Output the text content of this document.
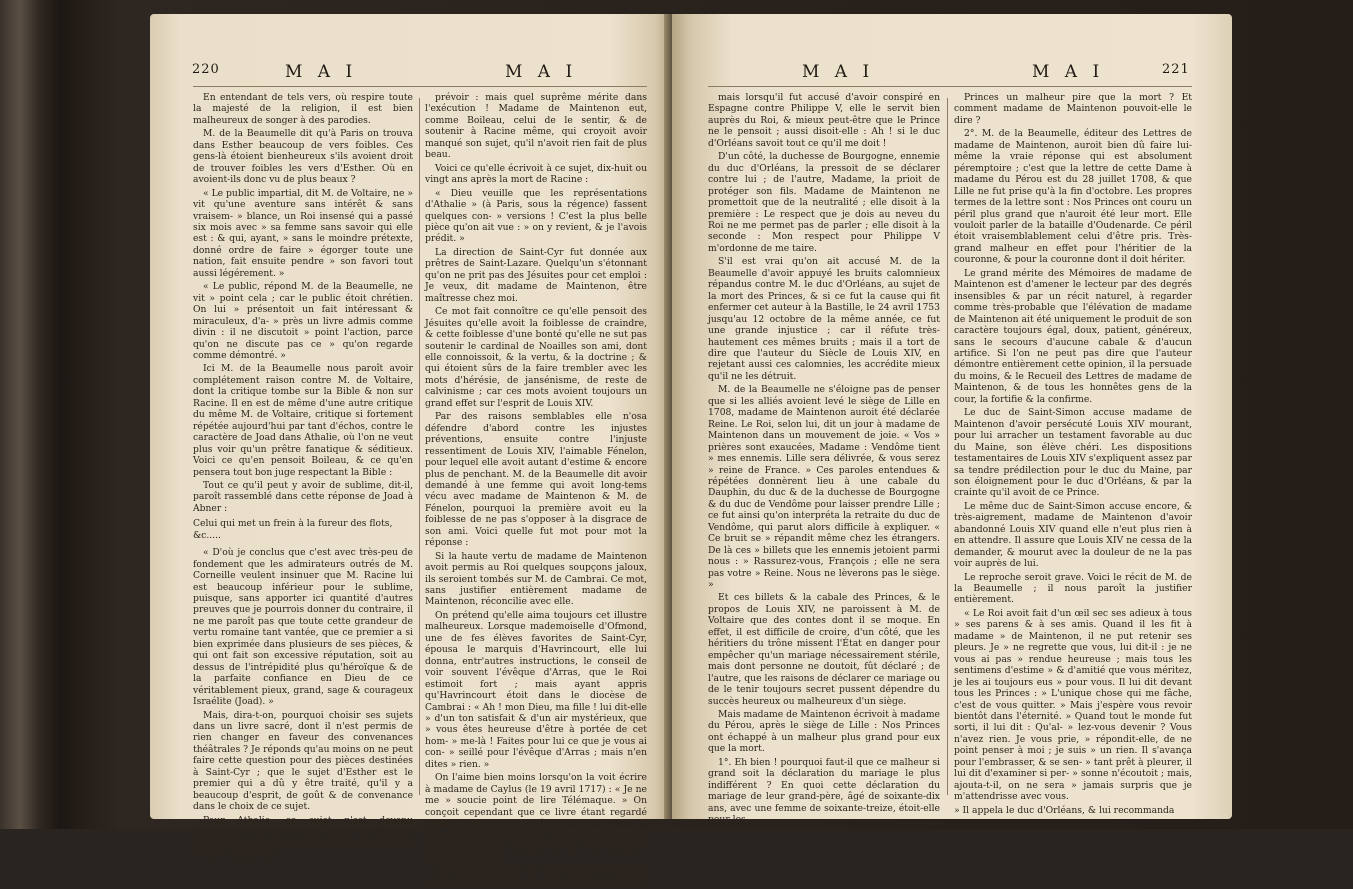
220	M A I	M A I

En entendant de tels vers, où respire toute la majesté de la religion, il est bien malheureux de songer à des parodies.

M. de la Beaumelle dit qu'à Paris on trouva dans Esther beaucoup de vers foibles. Ces gens-là étoient bienheureux s'ils avoient droit de trouver foibles les vers d'Esther. Où en avoient-ils donc vu de plus beaux ?

« Le public impartial, dit M. de Voltaire, ne » vit qu'une aventure sans intérêt & sans vraisem- » blance, un Roi insensé qui a passé six mois avec » sa femme sans savoir qui elle est : & qui, ayant, » sans le moindre prétexte, donné ordre de faire » égorger toute une nation, fait ensuite pendre » son favori tout aussi légérement. »

« Le public, répond M. de la Beaumelle, ne vit » point cela ; car le public étoit chrétien. On lui » présentoit un fait intéressant & miraculeux, d'a- » près un livre admis comme divin : il ne discutoit » point l'action, parce qu'on ne discute pas ce » qu'on regarde comme démontré. »

Ici M. de la Beaumelle nous paroît avoir complétement raison contre M. de Voltaire, dont la critique tombe sur la Bible & non sur Racine. Il en est de même d'une autre critique du même M. de Voltaire, critique si fortement répétée aujourd'hui par tant d'échos, contre le caractère de Joad dans Athalie, où l'on ne veut plus voir qu'un prêtre fanatique & séditieux. Voici ce qu'en pensoit Boileau, & ce qu'en pensera tout bon juge respectant la Bible :

Tout ce qu'il peut y avoir de sublime, dit-il, paroît rassemblé dans cette réponse de Joad à Abner :

Celui qui met un frein à la fureur des flots, &c.....

« D'où je conclus que c'est avec très-peu de fondement que les admirateurs outrés de M. Corneille veulent insinuer que M. Racine lui est beaucoup inférieur pour le sublime, puisque, sans apporter ici quantité d'autres preuves que je pourrois donner du contraire, il ne me paroît pas que toute cette grandeur de vertu romaine tant vantée, que ce premier a si bien exprimée dans plusieurs de ses pièces, & qui ont fait son excessive réputation, soit au dessus de l'intrépidité plus qu'héroïque & de la parfaite confiance en Dieu de ce véritablement pieux, grand, sage & courageux Israélite (Joad). »

Mais, dira-t-on, pourquoi choisir ses sujets dans un livre sacré, dont il n'est permis de rien changer en faveur des convenances théâtrales ? Je réponds qu'au moins on ne peut faire cette question pour des pièces destinées à Saint-Cyr ; que le sujet d'Esther est le premier qui a dû y être traité, qu'il y a beaucoup d'esprit, de goût & de convenance dans le choix de ce sujet.

Pour Athalie, ce sujet n'est devenu allégorique qu'après coup, sous la régence, par des conjonctures que Racine n'a pas pu avoir le mérite de

prévoir : mais quel suprême mérite dans l'exécution ! Madame de Maintenon eut, comme Boileau, celui de le sentir, & de soutenir à Racine même, qui croyoit avoir manqué son sujet, qu'il n'avoit rien fait de plus beau.

Voici ce qu'elle écrivoit à ce sujet, dix-huit ou vingt ans après la mort de Racine :

« Dieu veuille que les représentations d'Athalie » (à Paris, sous la régence) fassent quelques con- » versions ! C'est la plus belle pièce qu'on ait vue : » on y revient, & je l'avois prédit. »

La direction de Saint-Cyr fut donnée aux prêtres de Saint-Lazare. Quelqu'un s'étonnant qu'on ne prit pas des Jésuites pour cet emploi : Je veux, dit madame de Maintenon, être maîtresse chez moi.

Ce mot fait connoître ce qu'elle pensoit des Jésuites qu'elle avoit la foiblesse de craindre, & cette foiblesse d'une bonté qu'elle ne sut pas soutenir le cardinal de Noailles son ami, dont elle connoissoit, & la vertu, & la doctrine ; & qui étoient sûrs de la faire trembler avec les mots d'hérésie, de jansénisme, de reste de calvinisme ; car ces mots avoient toujours un grand effet sur l'esprit de Louis XIV.

Par des raisons semblables elle n'osa défendre d'abord contre les injustes préventions, ensuite contre l'injuste ressentiment de Louis XIV, l'aimable Fénelon, pour lequel elle avoit autant d'estime & encore plus de penchant. M. de la Beaumelle dit avoir demandé à une femme qui avoit long-tems vécu avec madame de Maintenon & M. de Fénelon, pourquoi la première avoit eu la foiblesse de ne pas s'opposer à la disgrace de son ami. Voici quelle fut mot pour mot la réponse :

Si la haute vertu de madame de Maintenon avoit permis au Roi quelques soupçons jaloux, ils seroient tombés sur M. de Cambrai. Ce mot, sans justifier entièrement madame de Maintenon, réconcilie avec elle.

On prétend qu'elle aima toujours cet illustre malheureux. Lorsque mademoiselle d'Ofmond, une de fes élèves favorites de Saint-Cyr, épousa le marquis d'Havrincourt, elle lui donna, entr'autres instructions, le conseil de voir souvent l'évêque d'Arras, que le Roi estimoit fort ; mais ayant appris qu'Havrincourt étoit dans le diocèse de Cambrai : « Ah ! mon Dieu, ma fille ! lui dit-elle » d'un ton satisfait & d'un air mystérieux, que » vous êtes heureuse d'être à portée de cet hom- » me-là ! Faites pour lui ce que je vous ai con- » seillé pour l'évêque d'Arras ; mais n'en dites » rien. »

On l'aime bien moins lorsqu'on la voit écrire à madame de Caylus (le 19 avril 1717) : « Je ne me » soucie point de lire Télémaque. » On conçoit cependant que ce livre étant regardé comme la critique du règne de Louis XIV, le refus qu'elle faisoit de le lire pouvoit être un hommage qu'elle croyoit devoir à la mémoire de ce grand Roi.

Le Roi & madame de Maintenon n'aimoient point le duc d'Orléans, à cause de ses mœurs ;

M A I	M A I	221

mais lorsqu'il fut accusé d'avoir conspiré en Espagne contre Philippe V, elle le servit bien auprès du Roi, & mieux peut-être que le Prince ne le pensoit ; aussi disoit-elle : Ah ! si le duc d'Orléans savoit tout ce qu'il me doit !

D'un côté, la duchesse de Bourgogne, ennemie du duc d'Orléans, la pressoit de se déclarer contre lui ; de l'autre, Madame, la prioit de protéger son fils. Madame de Maintenon ne promettoit que de la neutralité ; elle disoit à la première : Le respect que je dois au neveu du Roi ne me permet pas de parler ; elle disoit à la seconde : Mon respect pour Philippe V m'ordonne de me taire.

S'il est vrai qu'on ait accusé M. de la Beaumelle d'avoir appuyé les bruits calomnieux répandus contre M. le duc d'Orléans, au sujet de la mort des Princes, & si ce fut la cause qui fit enfermer cet auteur à la Bastille, le 24 avril 1753 jusqu'au 12 octobre de la même année, ce fut une grande injustice ; car il réfute très-hautement ces mêmes bruits ; mais il a tort de dire que l'auteur du Siècle de Louis XIV, en rejetant aussi ces calomnies, les accrédite mieux qu'il ne les détruit.

M. de la Beaumelle ne s'éloigne pas de penser que si les alliés avoient levé le siège de Lille en 1708, madame de Maintenon auroit été déclarée Reine. Le Roi, selon lui, dit un jour à madame de Maintenon dans un mouvement de joie. « Vos » prières sont exaucées, Madame : Vendôme tient » mes ennemis. Lille sera délivrée, & vous serez » reine de France. » Ces paroles entendues & répétées donnèrent lieu à une cabale du Dauphin, du duc & de la duchesse de Bourgogne & du duc de Vendôme pour laisser prendre Lille ; ce fut ainsi qu'on interpréta la retraite du duc de Vendôme, qui parut alors difficile à expliquer. « Ce bruit se » répandit même chez les étrangers. De là ces » billets que les ennemis jetoient parmi nous : » Rassurez-vous, François ; elle ne sera pas votre » Reine. Nous ne lèverons pas le siège. »

Et ces billets & la cabale des Princes, & le propos de Louis XIV, ne paroissent à M. de Voltaire que des contes dont il se moque. En effet, il est difficile de croire, d'un côté, que les héritiers du trône missent l'État en danger pour empêcher qu'un mariage nécessairement stérile, mais dont personne ne doutoit, fût déclaré ; de l'autre, que les raisons de déclarer ce mariage ou de le tenir toujours secret pussent dépendre du succès heureux ou malheureux d'un siège.

Mais madame de Maintenon écrivoit à madame du Pérou, après le siège de Lille : Nos Princes ont échappé à un malheur plus grand pour eux que la mort.

1°. Eh bien ! pourquoi faut-il que ce malheur si grand soit la déclaration du mariage le plus indifférent ? En quoi cette déclaration du mariage de leur grand-père, âgé de soixante-dix ans, avec une femme de soixante-treize, étoit-elle pour les

Princes un malheur pire que la mort ? Et comment madame de Maintenon pouvoit-elle le dire ?

2°. M. de la Beaumelle, éditeur des Lettres de madame de Maintenon, auroit bien dû faire lui-même la vraie réponse qui est absolument péremptoire ; c'est que la lettre de cette Dame à madame du Pérou est du 28 juillet 1708, & que Lille ne fut prise qu'à la fin d'octobre. Les propres termes de la lettre sont : Nos Princes ont couru un péril plus grand que n'auroit été leur mort. Elle vouloit parler de la bataille d'Oudenarde. Ce péril étoit vraisemblablement celui d'être pris. Très-grand malheur en effet pour l'héritier de la couronne, & pour la couronne dont il doit hériter.

Le grand mérite des Mémoires de madame de Maintenon est d'amener le lecteur par des degrés insensibles & par un récit naturel, à regarder comme très-probable que l'élévation de madame de Maintenon ait été uniquement le produit de son caractère toujours égal, doux, patient, généreux, sans le secours d'aucune cabale & d'aucun artifice. Si l'on ne peut pas dire que l'auteur démontre entièrement cette opinion, il la persuade du moins, & le Recueil des Lettres de madame de Maintenon, & de tous les honnêtes gens de la cour, la fortifie & la confirme.

Le duc de Saint-Simon accuse madame de Maintenon d'avoir persécuté Louis XIV mourant, pour lui arracher un testament favorable au duc du Maine, son élève chéri. Les dispositions testamentaires de Louis XIV s'expliquent assez par sa tendre prédilection pour le duc du Maine, par son éloignement pour le duc d'Orléans, & par la crainte qu'il avoit de ce Prince.

Le même duc de Saint-Simon accuse encore, & très-aigrement, madame de Maintenon d'avoir abandonné Louis XIV quand elle n'eut plus rien à en attendre. Il assure que Louis XIV ne cessa de la demander, & mourut avec la douleur de ne la pas voir auprès de lui.

Le reproche seroit grave. Voici le récit de M. de la Beaumelle ; il nous paroît la justifier entièrement.

« Le Roi avoit fait d'un œil sec ses adieux à tous » ses parens & à ses amis. Quand il les fit à madame » de Maintenon, il ne put retenir ses pleurs. Je » ne regrette que vous, lui dit-il : je ne vous ai pas » rendue heureuse ; mais tous les sentimens d'estime » & d'amitié que vous méritez, je les ai toujours eus » pour vous. Il lui dit devant tous les Princes : » L'unique chose qui me fâche, c'est de vous quitter. » Mais j'espère vous revoir bientôt dans l'éternité. » Quand tout le monde fut sorti, il lui dit : Qu'al- » lez-vous devenir ? Vous n'avez rien. Je vous prie, » répondit-elle, de ne point penser à moi ; je suis » un rien. Il s'avança pour l'embrasser, & se sen- » tant prêt à pleurer, il lui dit d'examiner si per- » sonne n'écoutoit ; mais, ajouta-t-il, on ne sera » jamais surpris que je m'attendrisse avec vous.

» Il appela le duc d'Orléans, & lui recommanda
